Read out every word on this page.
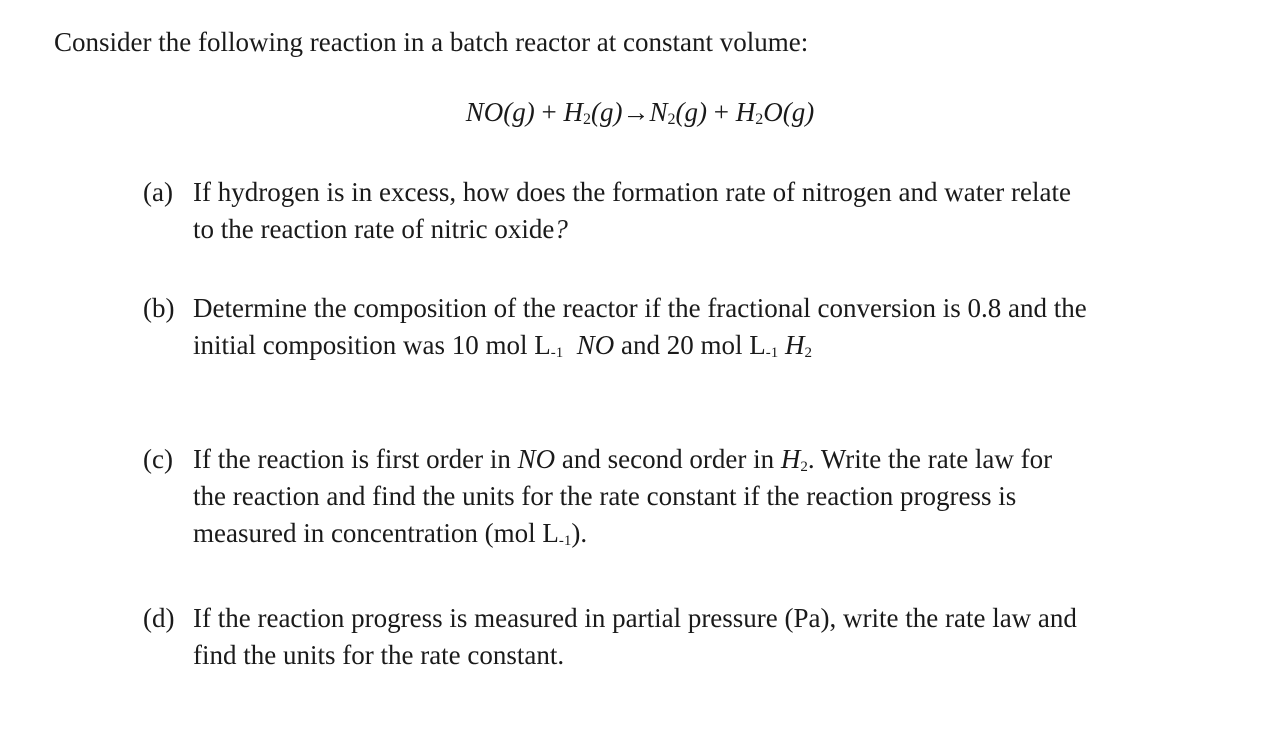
Consider the following reaction in a batch reactor at constant volume:
NO(g) + H2(g)→N2(g) + H2O(g)
(a) If hydrogen is in excess, how does the formation rate of nitrogen and water relate
to the reaction rate of nitric oxide?
(b) Determine the composition of the reactor if the fractional conversion is 0.8 and the
initial composition was 10 mol L-1 NO and 20 mol L-1 H2
(c) If the reaction is first order in NO and second order in H2. Write the rate law for
the reaction and find the units for the rate constant if the reaction progress is
measured in concentration (mol L-1).
(d) If the reaction progress is measured in partial pressure (Pa), write the rate law and
find the units for the rate constant.
